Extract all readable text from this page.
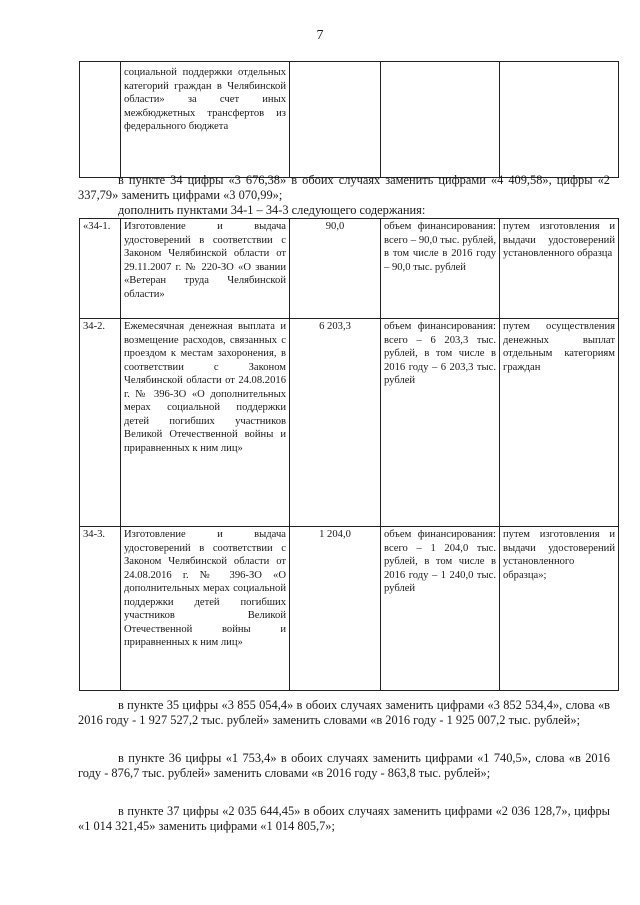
7
	социальной поддержки отдельных категорий граждан в Челябинской области» за счет иных межбюджетных трансфертов из федерального бюджета			

в пункте 34 цифры «3 676,38» в обоих случаях заменить цифрами «4 409,58», цифры «2 337,79» заменить цифрами «3 070,99»;

дополнить пунктами 34-1 – 34-3 следующего содержания:

«34-1.	Изготовление и выдача удостоверений в соответствии с Законом Челябинской области от 29.11.2007 г. № 220-ЗО «О звании «Ветеран труда Челябинской области»	90,0	объем финансирования: всего – 90,0 тыс. рублей, в том числе в 2016 году – 90,0 тыс. рублей	путем изготовления и выдачи удостоверений установленного образца
34-2.	Ежемесячная денежная выплата и возмещение расходов, связанных с проездом к местам захоронения, в соответствии с Законом Челябинской области от 24.08.2016 г. № 396-ЗО «О дополнительных мерах социальной поддержки детей погибших участников Великой Отечественной войны и приравненных к ним лиц»	6 203,3	объем финансирования: всего – 6 203,3 тыс. рублей, в том числе в 2016 году – 6 203,3 тыс. рублей	путем осуществления денежных выплат отдельным категориям граждан
34-3.	Изготовление и выдача удостоверений в соответствии с Законом Челябинской области от 24.08.2016 г. № 396-ЗО «О дополнительных мерах социальной поддержки детей погибших участников Великой Отечественной войны и приравненных к ним лиц»	1 204,0	объем финансирования: всего – 1 204,0 тыс. рублей, в том числе в 2016 году – 1 240,0 тыс. рублей	путем изготовления и выдачи удостоверений установленного образца»;

в пункте 35 цифры «3 855 054,4» в обоих случаях заменить цифрами «3 852 534,4», слова «в 2016 году - 1 927 527,2 тыс. рублей» заменить словами «в 2016 году - 1 925 007,2 тыс. рублей»;

в пункте 36 цифры «1 753,4» в обоих случаях заменить цифрами «1 740,5», слова «в 2016 году - 876,7 тыс. рублей» заменить словами «в 2016 году - 863,8 тыс. рублей»;

в пункте 37 цифры «2 035 644,45» в обоих случаях заменить цифрами «2 036 128,7», цифры «1 014 321,45» заменить цифрами «1 014 805,7»;
